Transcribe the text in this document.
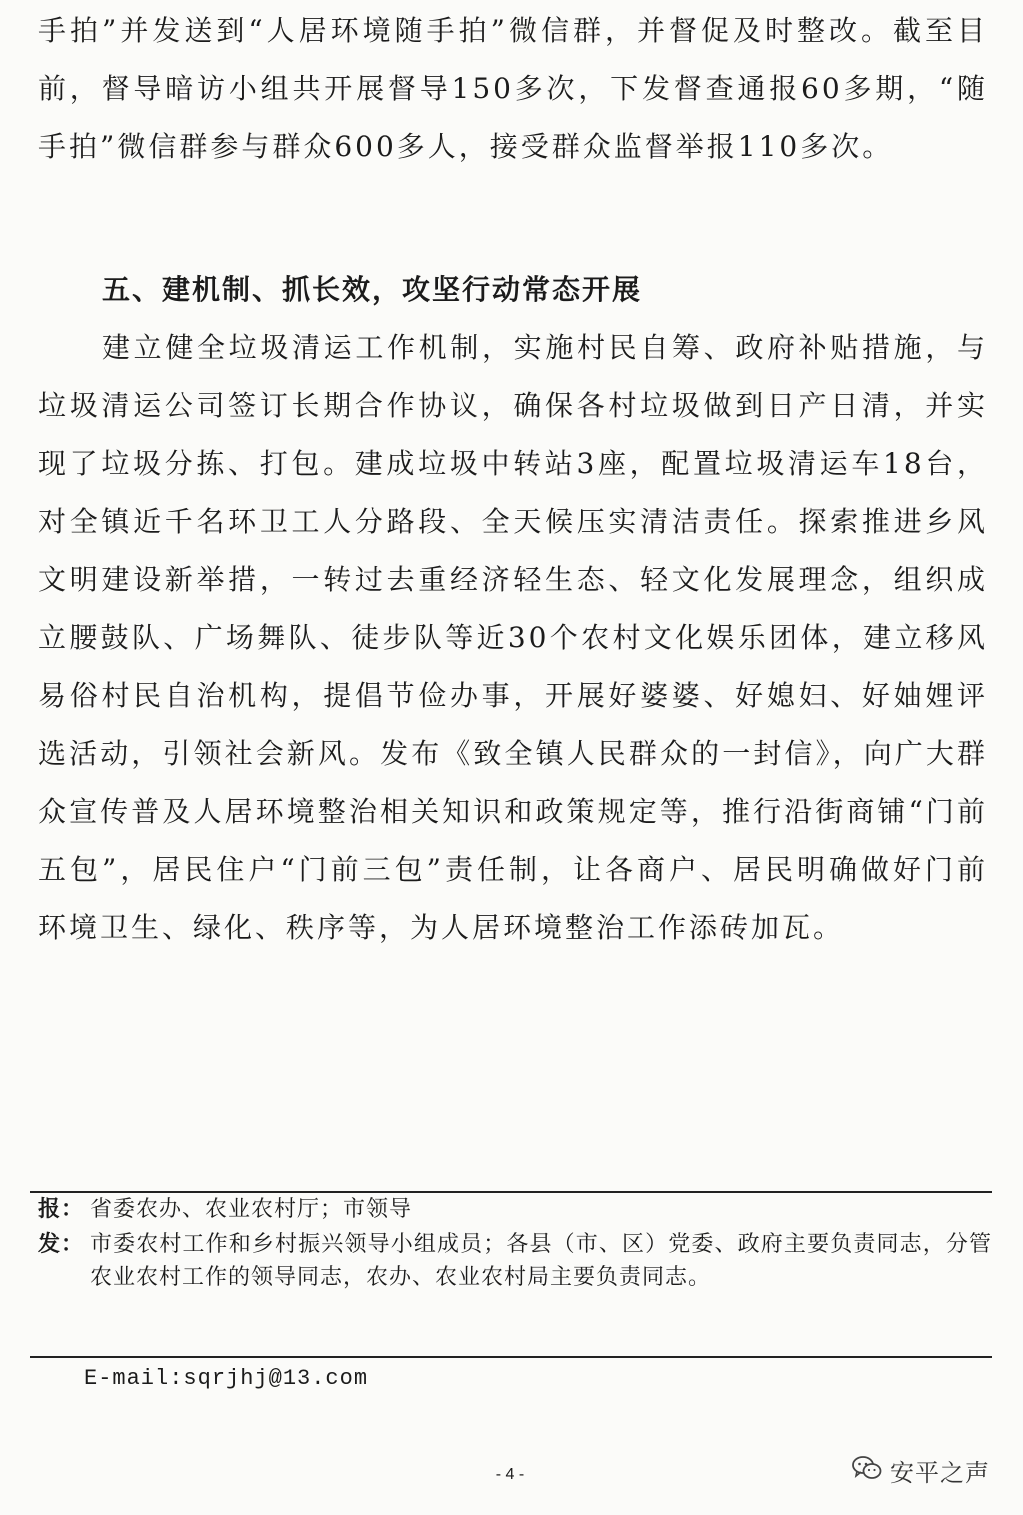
手拍”并发送到“人居环境随手拍”微信群，并督促及时整改。截至目前，督导暗访小组共开展督导150多次，下发督查通报60多期，“随手拍”微信群参与群众600多人，接受群众监督举报110多次。

五、建机制、抓长效，攻坚行动常态开展

建立健全垃圾清运工作机制，实施村民自筹、政府补贴措施，与垃圾清运公司签订长期合作协议，确保各村垃圾做到日产日清，并实现了垃圾分拣、打包。建成垃圾中转站3座，配置垃圾清运车18台，对全镇近千名环卫工人分路段、全天候压实清洁责任。探索推进乡风文明建设新举措，一转过去重经济轻生态、轻文化发展理念，组织成立腰鼓队、广场舞队、徒步队等近30个农村文化娱乐团体，建立移风易俗村民自治机构，提倡节俭办事，开展好婆婆、好媳妇、好妯娌评选活动，引领社会新风。发布《致全镇人民群众的一封信》，向广大群众宣传普及人居环境整治相关知识和政策规定等，推行沿街商铺“门前五包”，居民住户“门前三包”责任制，让各商户、居民明确做好门前环境卫生、绿化、秩序等，为人居环境整治工作添砖加瓦。

报： 省委农办、农业农村厅；市领导
发： 市委农村工作和乡村振兴领导小组成员；各县（市、区）党委、政府主要负责同志，分管农业农村工作的领导同志，农办、农业农村局主要负责同志。
E-mail:sqrjhj@13.com
- 4 -	安平之声
